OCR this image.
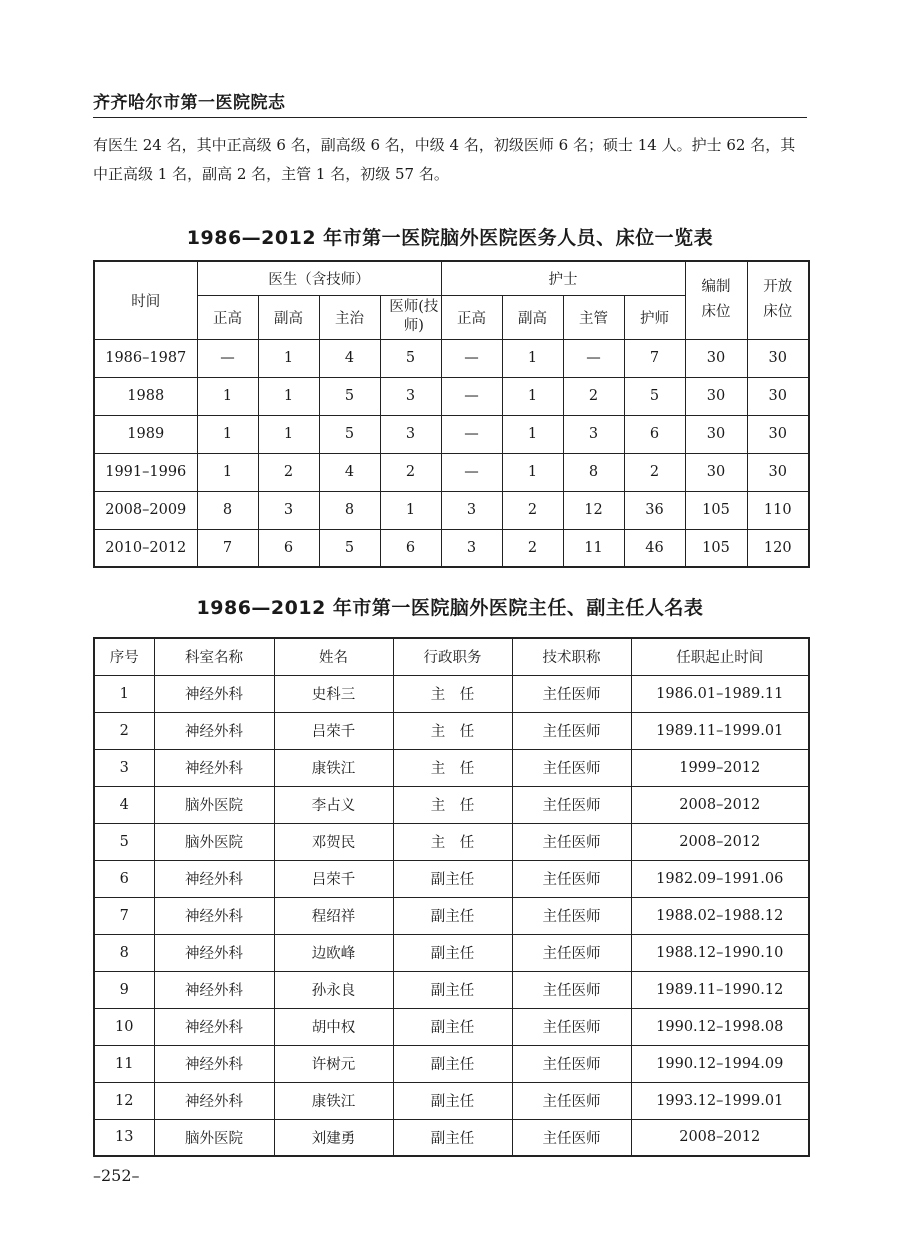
齐齐哈尔市第一医院院志
有医生 24 名，其中正高级 6 名，副高级 6 名，中级 4 名，初级医师 6 名；硕士 14 人。护士 62 名，其中正高级 1 名，副高 2 名，主管 1 名，初级 57 名。
1986—2012 年市第一医院脑外医院医务人员、床位一览表
时间	医生（含技师）				护士				编制床位	开放床位
	正高	副高	主治	医师(技师)	正高	副高	主管	护师		
1986–1987	—	1	4	5	—	1	—	7	30	30
1988	1	1	5	3	—	1	2	5	30	30
1989	1	1	5	3	—	1	3	6	30	30
1991–1996	1	2	4	2	—	1	8	2	30	30
2008–2009	8	3	8	1	3	2	12	36	105	110
2010–2012	7	6	5	6	3	2	11	46	105	120
1986—2012 年市第一医院脑外医院主任、副主任人名表
序号	科室名称	姓名	行政职务	技术职称	任职起止时间
1	神经外科	史科三	主　任	主任医师	1986.01–1989.11
2	神经外科	吕荣千	主　任	主任医师	1989.11–1999.01
3	神经外科	康铁江	主　任	主任医师	1999–2012
4	脑外医院	李占义	主　任	主任医师	2008–2012
5	脑外医院	邓贺民	主　任	主任医师	2008–2012
6	神经外科	吕荣千	副主任	主任医师	1982.09–1991.06
7	神经外科	程绍祥	副主任	主任医师	1988.02–1988.12
8	神经外科	边欧峰	副主任	主任医师	1988.12–1990.10
9	神经外科	孙永良	副主任	主任医师	1989.11–1990.12
10	神经外科	胡中权	副主任	主任医师	1990.12–1998.08
11	神经外科	许树元	副主任	主任医师	1990.12–1994.09
12	神经外科	康铁江	副主任	主任医师	1993.12–1999.01
13	脑外医院	刘建勇	副主任	主任医师	2008–2012
–252–
